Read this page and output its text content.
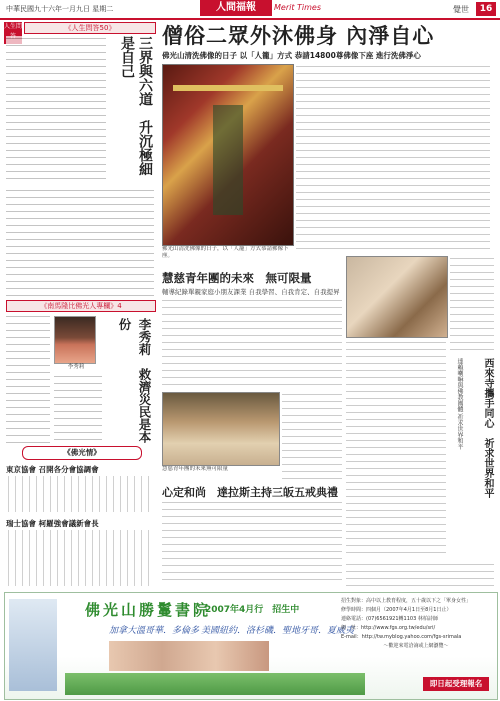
中華民國九十六年一月九日 星期二	人間福報	Merit Times	覺世	16
人生問	《人生問答50》
三界與六道　升沉極細是自己
《南馬隆比佛光人專欄》4
李秀莉	李秀莉　救濟災民是本份
《佛光情》
東京協會 召開各分會協調會
瑞士協會 柯羅強會議新會長
僧俗二眾外沐佛身 內淨自心
佛光山清洗佛像的日子 以「人籠」方式 恭請14800尊佛像下座 進行洗佛淨心
佛光山清洗佛像的日子，以「人籠」方式恭請佛像下座。
慧慈青年團的未來　無可限量
輔導紀錄單親家庭小朋友課業 自我學習、自我肯定、自我提昇
慧慈青年團的未來無可限量	西來寺攜手同心　祈求世界和平
達賴喇嘛與佛教團體 祈求世界和平
心定和尚　達拉斯主持三皈五戒典禮
佛光山勝鬘書院
2007年4月行　招生中
加拿大溫哥華．多倫多 美國紐約．洛杉磯．聖地牙哥．夏威夷
招生對象：高中以上教育程度，五十歲以下之「單身女性」
修學時間：四個月（2007年4月1日至8月1日止）
連絡電話：(07)6561921轉1103 林柏詩師
網　址：http://www.fgs.org.tw/edu/sri/
E-mail：http://tw.myblog.yahoo.com/fgs-srimala
～歡迎來電洽詢或上網瀏覽～
即日起受理報名
